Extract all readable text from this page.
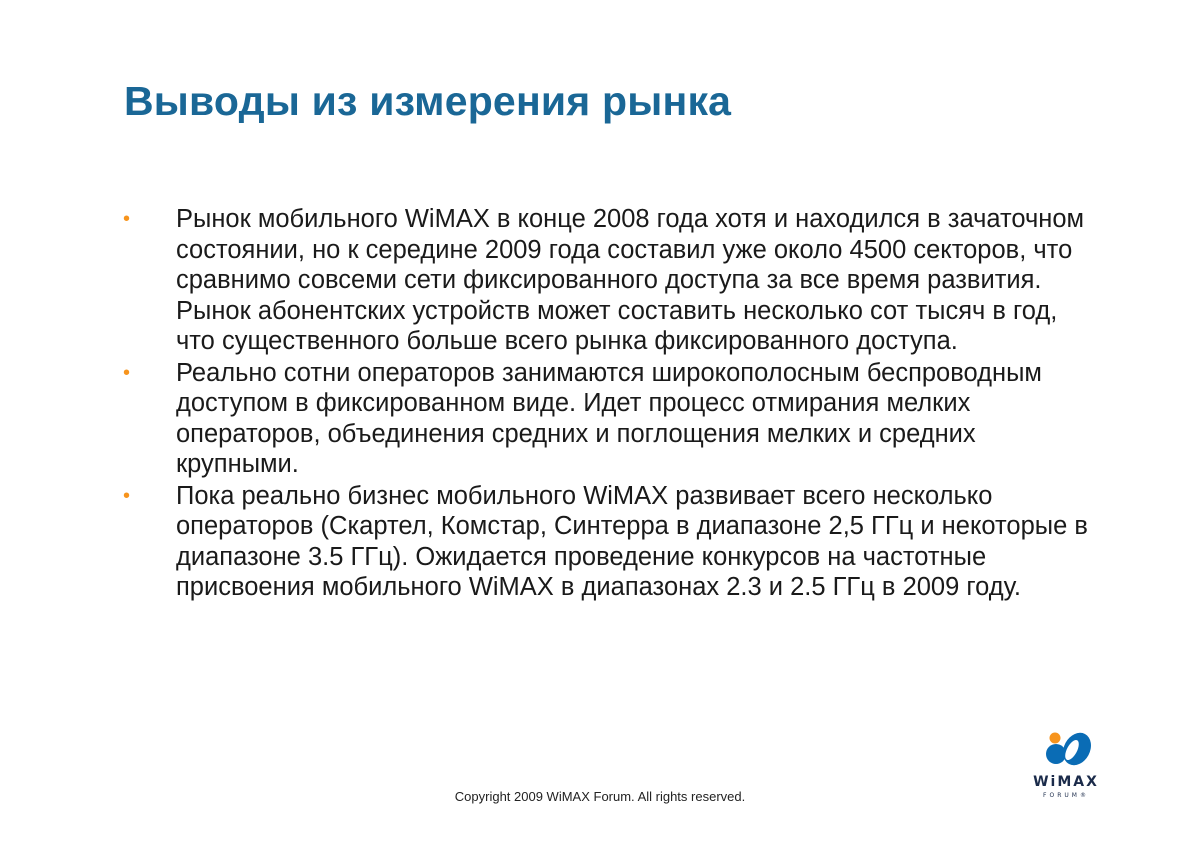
Выводы из измерения рынка
• Рынок мобильного WiMAX в конце 2008 года хотя и находился в зачаточном состоянии, но к середине 2009 года составил уже около 4500 секторов, что сравнимо совсеми сети фиксированного доступа за все время развития. Рынок абонентских устройств может составить несколько сот тысяч в год, что существенного больше всего рынка фиксированного доступа.
• Реально сотни операторов занимаются широкополосным беспроводным доступом в фиксированном виде. Идет процесс отмирания мелких операторов, объединения средних и поглощения мелких и средних крупными.
• Пока реально бизнес мобильного WiMAX развивает всего несколько операторов (Скартел, Комстар, Синтерра в диапазоне 2,5 ГГц и некоторые в диапазоне 3.5 ГГц). Ожидается проведение конкурсов на частотные присвоения мобильного WiMAX в диапазонах 2.3 и 2.5 ГГц в 2009 году.
Copyright 2009 WiMAX Forum. All rights reserved.
WiMAX
FORUM®
